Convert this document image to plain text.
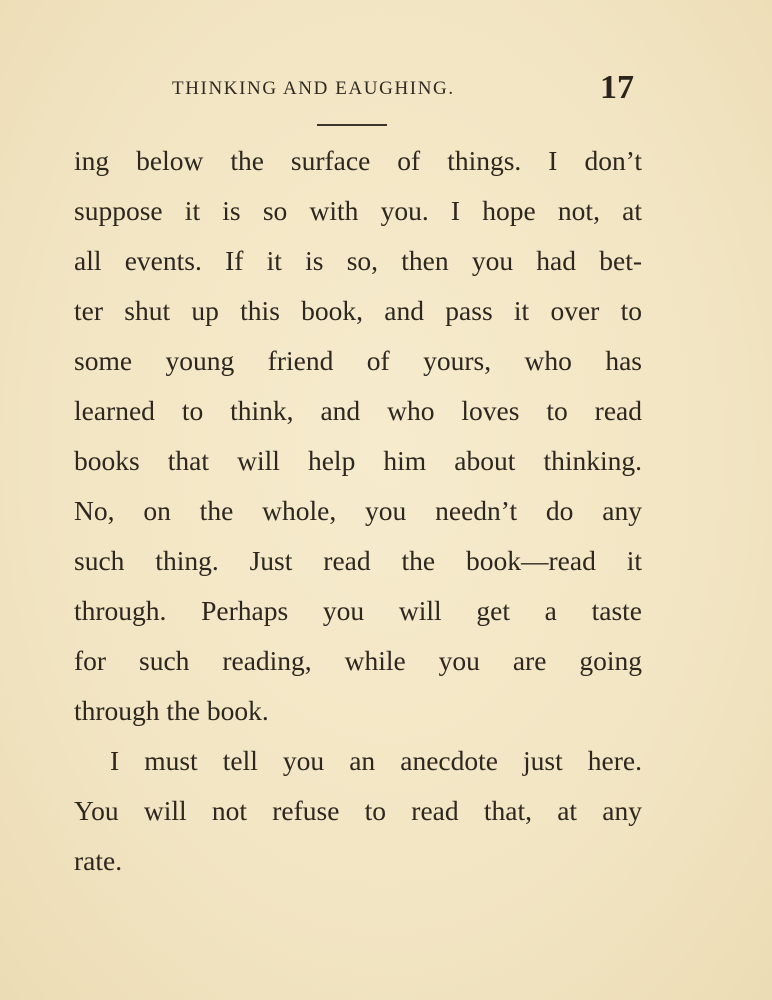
THINKING AND EAUGHING.	17
ing below the surface of things. I don’t
suppose it is so with you. I hope not, at
all events. If it is so, then you had bet-
ter shut up this book, and pass it over to
some young friend of yours, who has
learned to think, and who loves to read
books that will help him about thinking.
No, on the whole, you needn’t do any
such thing. Just read the book—read it
through. Perhaps you will get a taste
for such reading, while you are going
through the book.
I must tell you an anecdote just here.
You will not refuse to read that, at any
rate.
